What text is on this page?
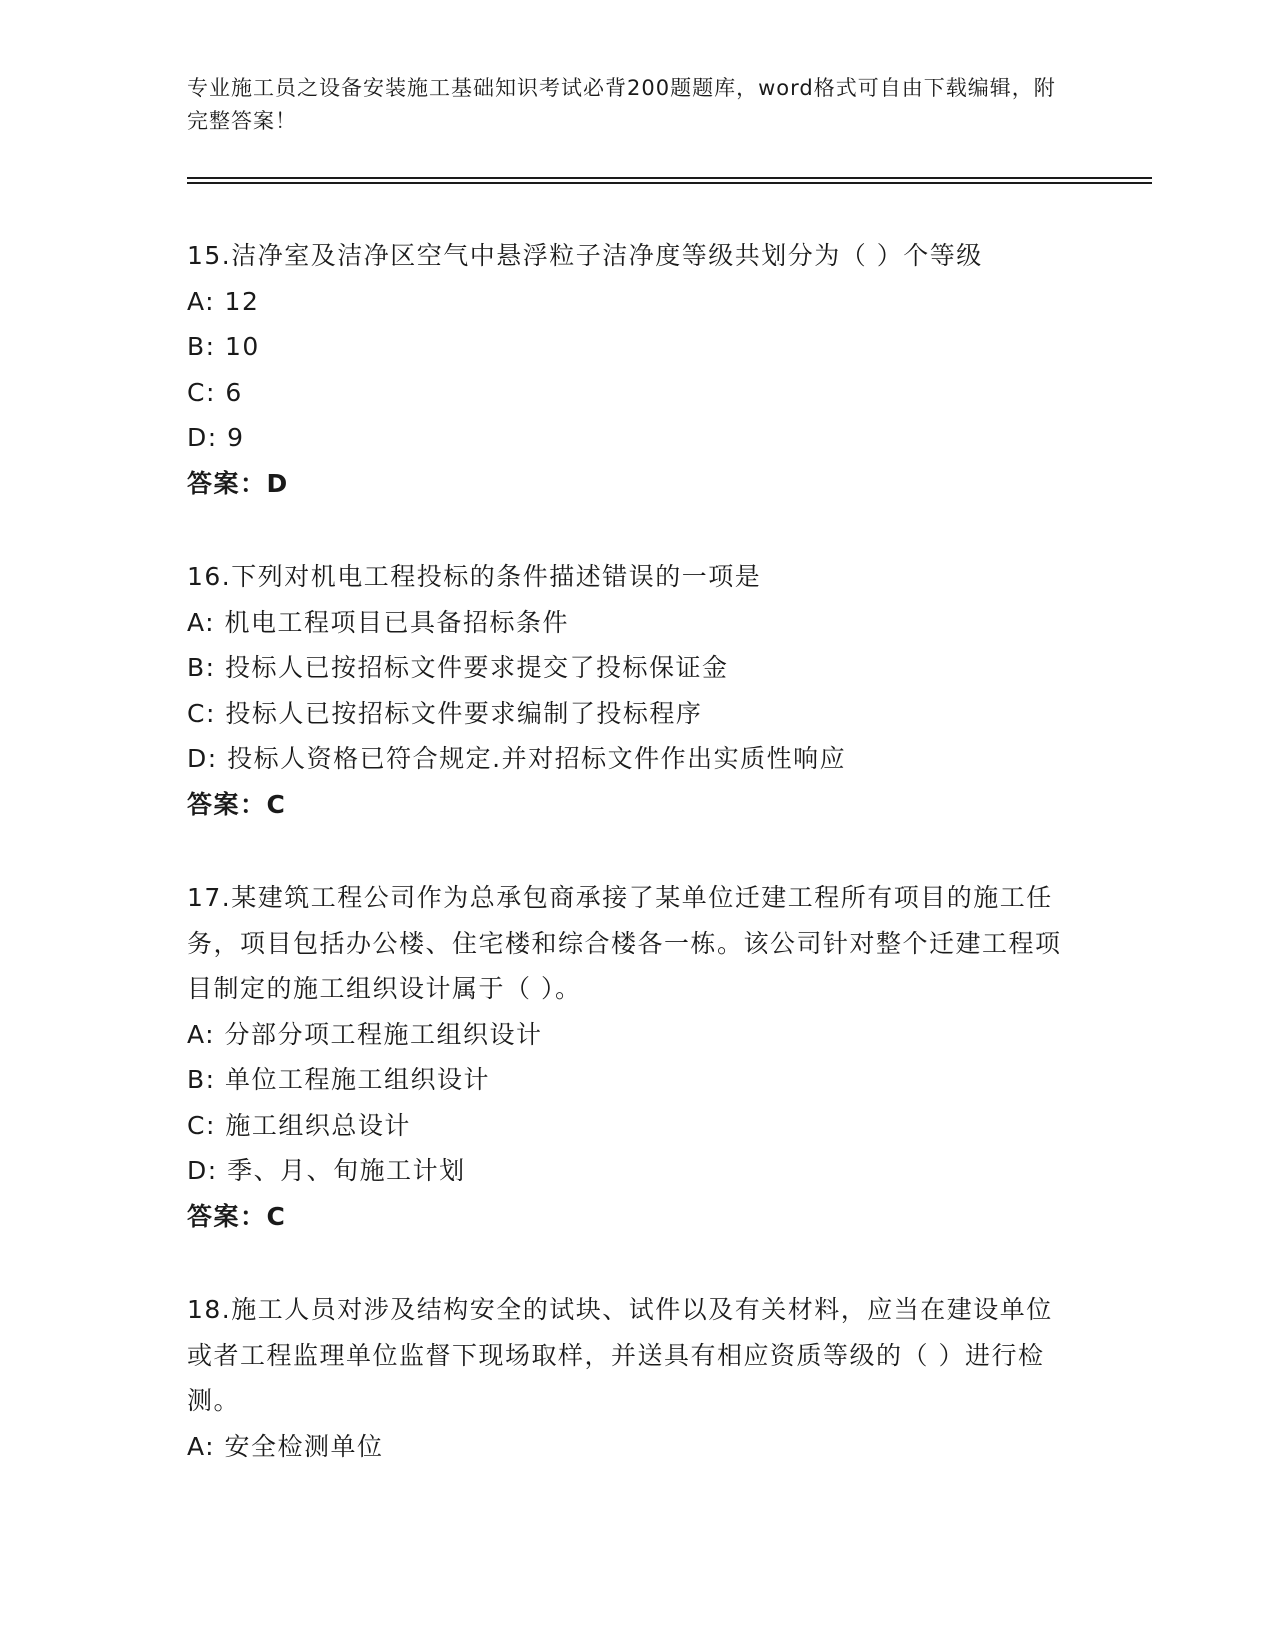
专业施工员之设备安装施工基础知识考试必背200题题库，word格式可自由下载编辑，附完整答案！
15.洁净室及洁净区空气中悬浮粒子洁净度等级共划分为（ ）个等级
A: 12
B: 10
C: 6
D: 9
答案：D
16.下列对机电工程投标的条件描述错误的一项是
A: 机电工程项目已具备招标条件
B: 投标人已按招标文件要求提交了投标保证金
C: 投标人已按招标文件要求编制了投标程序
D: 投标人资格已符合规定.并对招标文件作出实质性响应
答案：C
17.某建筑工程公司作为总承包商承接了某单位迁建工程所有项目的施工任务，项目包括办公楼、住宅楼和综合楼各一栋。该公司针对整个迁建工程项目制定的施工组织设计属于（ ）。
A: 分部分项工程施工组织设计
B: 单位工程施工组织设计
C: 施工组织总设计
D: 季、月、旬施工计划
答案：C
18.施工人员对涉及结构安全的试块、试件以及有关材料，应当在建设单位或者工程监理单位监督下现场取样，并送具有相应资质等级的（ ）进行检测。
A: 安全检测单位
